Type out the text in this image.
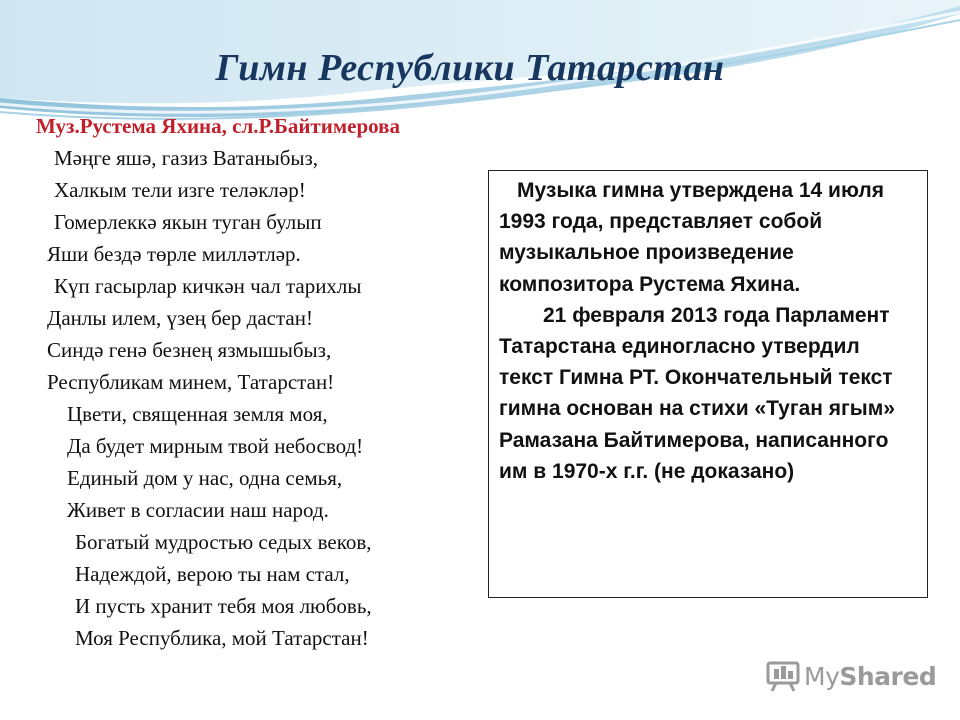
Гимн Республики Татарстан
Муз.Рустема Яхина, сл.Р.Байтимерова
Мәңге яшә, газиз Ватаныбыз,
Халкым тели изге теләкләр!
Гомерлеккә якын туган булып
Яши бездә төрле милләтләр.
Күп гасырлар кичкән чал тарихлы
Данлы илем, үзең бер дастан!
Синдә генә безнең язмышыбыз,
Республикам минем, Татарстан!
Цвети, священная земля моя,
Да будет мирным твой небосвод!
Единый дом у нас, одна семья,
Живет в согласии наш народ.
Богатый мудростью седых веков,
Надеждой, верою ты нам стал,
И пусть хранит тебя моя любовь,
Моя Республика, мой Татарстан!

Музыка гимна утверждена 14 июля 1993 года, представляет собой музыкальное произведение композитора Рустема Яхина.

21 февраля 2013 года Парламент Татарстана единогласно утвердил текст Гимна РТ. Окончательный текст гимна основан на стихи «Туган ягым» Рамазана Байтимерова, написанного им в 1970-х г.г. (не доказано)

MyShared
